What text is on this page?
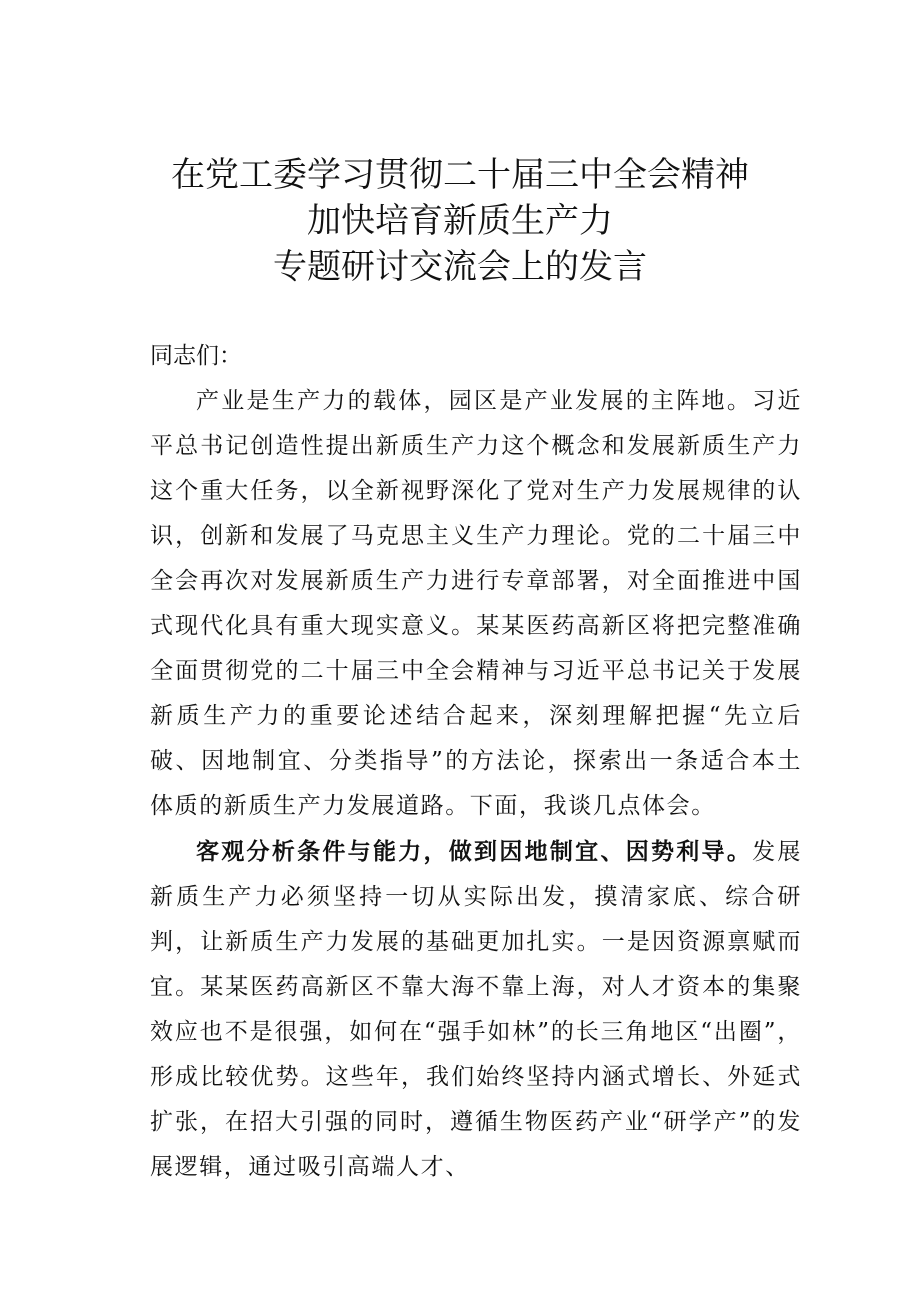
在党工委学习贯彻二十届三中全会精神
加快培育新质生产力
专题研讨交流会上的发言

同志们：

产业是生产力的载体，园区是产业发展的主阵地。习近平总书记创造性提出新质生产力这个概念和发展新质生产力这个重大任务，以全新视野深化了党对生产力发展规律的认识，创新和发展了马克思主义生产力理论。党的二十届三中全会再次对发展新质生产力进行专章部署，对全面推进中国式现代化具有重大现实意义。某某医药高新区将把完整准确全面贯彻党的二十届三中全会精神与习近平总书记关于发展新质生产力的重要论述结合起来，深刻理解把握“先立后破、因地制宜、分类指导”的方法论，探索出一条适合本土体质的新质生产力发展道路。下面，我谈几点体会。

客观分析条件与能力，做到因地制宜、因势利导。发展新质生产力必须坚持一切从实际出发，摸清家底、综合研判，让新质生产力发展的基础更加扎实。一是因资源禀赋而宜。某某医药高新区不靠大海不靠上海，对人才资本的集聚效应也不是很强，如何在“强手如林”的长三角地区“出圈”，形成比较优势。这些年，我们始终坚持内涵式增长、外延式扩张，在招大引强的同时，遵循生物医药产业“研学产”的发展逻辑，通过吸引高端人才、
